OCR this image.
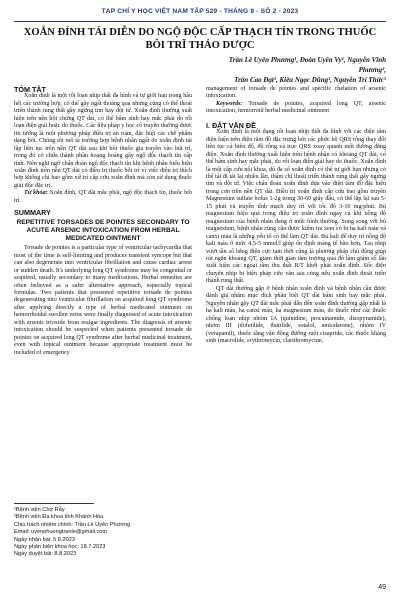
TẠP CHÍ Y HỌC VIỆT NAM TẬP 529 - THÁNG 8 - SỐ 2 - 2023
XOẮN ĐỈNH TÁI DIỄN DO NGỘ ĐỘC CẤP THẠCH TÍN TRONG THUỐC BÔI TRĨ THẢO DƯỢC
Trần Lê Uyên Phương¹, Đoàn Uyên Vy¹, Nguyễn Vĩnh Phương²,
Trần Cao Đạt¹, Kiều Ngọc Dũng¹, Nguyễn Trí Thức¹

TÓM TẮT

Xoắn đỉnh là một rối loạn nhịp thất đa hình và tự giới hạn trong hầu hết các trường hợp, có thể gây ngất thoáng qua nhưng cũng có thể thoái triển thành rung thất gây ngừng tim hay đột tử. Xoắn đỉnh thường xuất hiện trên nền hội chứng QT dài, có thể bẩm sinh hay mắc phải do rối loạn điện giải hoặc do thuốc. Các liệu pháp y học cổ truyền thường được tin tưởng là một phương pháp điều trị an toàn, đặc biệt các chế phẩm dạng bôi. Chúng tôi mô tả trường hợp bệnh nhân ngất do xoắn đỉnh tái lập liên tục trên nền QT dài sau khi bôi thuốc gia truyền vào búi trĩ, trong đó có chứa thành phần hoạng hoàng gây ngộ độc thạch tín cấp tính. Nên nghi ngờ chẩn đoán ngộ độc thạch tín khi bệnh nhân biểu hiện xoắn đỉnh trên nền QT dài có điều trị thuốc bôi trĩ vì việc điều trị thích hợp không chỉ bao gồm xử trí cấp cứu xoắn đỉnh mà còn sử dụng thuốc giải độc đặc trị.

Từ khóa: Xoắn đỉnh, QT dài mắc phải, ngộ độc thạch tín, thuốc bôi trĩ.

SUMMARY

REPETITIVE TORSADES DE POINTES SECONDARY TO ACUTE ARSENIC INTOXICATION FROM HERBAL MEDICATED OINTMENT

Torsade de pointes is a particular type of ventricular tachycardia that most of the time is self-limiting and produces transient syncope but that can also degenerate into ventricular fibrillation and cause cardiac arrest or sudden death. It's underlying long QT syndrome may be congenital or acquired, usually secondary to many medications. Herbal remedies are often believed as a safer alternative approach, especially topical formulas. Two patients that presented repetitive torsade de pointes degenerating into ventricular fibrillation on acquired long QT syndrome after applying directly a type of herbal medicated ointment on hemorrhoidal swollen veins were finally diagnosed of acute intoxication with arsenic trioxide from realgar ingredients. The diagnosis of arsenic intoxication should be suspected when patients presented torsade de pointes on acquired long QT syndrome after herbal medicinal treatment, even with topical ointment because appropriate treatment must be included of emergency

¹Bệnh viện Chợ Rẫy

²Bệnh viện Đa khoa tỉnh Khánh Hòa

Chịu trách nhiệm chính: Trần Lê Uyên Phương

Email: uyenphuongtranle@gmail.com

Ngày nhận bài: 5.6.2023

Ngày phản biện khoa học: 18.7.2023

Ngày duyệt bài: 8.8.2023

management of torsade de pointes and specific chelation of arsenic intoxication.

Keywords: Torsade de pointes, acquired long QT, arsenic intoxication, hemorroid herbal medicinal ointment

I. ĐẶT VẤN ĐỀ

Xoắn đỉnh là một dạng rối loạn nhịp thất đa hình với các điện tâm điện hiện trên điện tâm đồ đặc trưng bởi các phức bộ QRS rộng thay đổi liên tục cả biên độ, độ rộng và trục QRS xoay quanh một đường đẳng điện. Xoắn đỉnh thường xuất hiện trên bệnh nhân có khoảng QT dài, có thể bẩm sinh hay mắc phải, do rối loạn điện giải hay do thuốc. Xoắn đỉnh là một cấp cứu nội khoa, dù đa số xoắn đỉnh có thể tự giới hạn nhưng có thể tái đi tái lại nhiều lần, thậm chí thoái triển thành rung thất gây ngưng tim và đột tử. Việc chẩn đoán xoắn đỉnh dựa vào điện tâm đồ đặc hiệu trong cơn trên nền QT dài. Điều trị xoắn đỉnh cấp cứu bao gồm truyền Magnesium sulfate bolus 1-2g trong 30-60 giây đầu, có thể lặp lại sau 5-15 phút và truyền tĩnh mạch duy trì với tốc độ 3-10 mg/phút. Bù magnesium hiệu quả trong điều trị xoắn đỉnh ngay cả khi nồng độ magnesium của bệnh nhân đang ở mức bình thường. Song song với bù magnesium, bệnh nhân cũng cần được kiểm tra xem có bị hạ kali máu và canxi máu là những yếu tố có thể làm QT dài. Bù kali để duy trì nồng độ kali máu ở mức 4,5-5 mmol/l giúp ổn định màng tế bào hơn. Tạo nhịp vượt tần số bằng điện cực tạm thời cũng là phương pháp chủ động giúp rút ngắn khoảng QT, giảm thời gian tâm trương qua đó làm giảm số lần xuất hiện các ngoại tâm thu thất R/T khởi phát xoắn đỉnh. Sốc điện chuyển nhịp bị biện pháp cứu vãn sau cùng nếu xoắn đỉnh thoái triển thành rung thất.

QT dài thường gặp ở bệnh nhân xoắn đỉnh và bệnh nhân cần được đánh giá nhằm mục đích phân biệt QT dài bẩm sinh hay mắc phải. Nguyên nhân gây QT dài mắc phải dẫn đến xoắn đỉnh thường gặp nhất là hạ kali máu, hạ canxi máu, hạ magnesium máu, do thuốc như các thuốc chống loạn nhịp nhóm IA (quinidine, procainamide, disopyramide), nhóm III (dofetilide, ibutilide, sotalol, amiodarone), nhóm IV (verapamil), thuốc tăng vận động đường ruột cisapride, các thuốc kháng sinh (macrolide, erythromycin, clarithromycine,

49
